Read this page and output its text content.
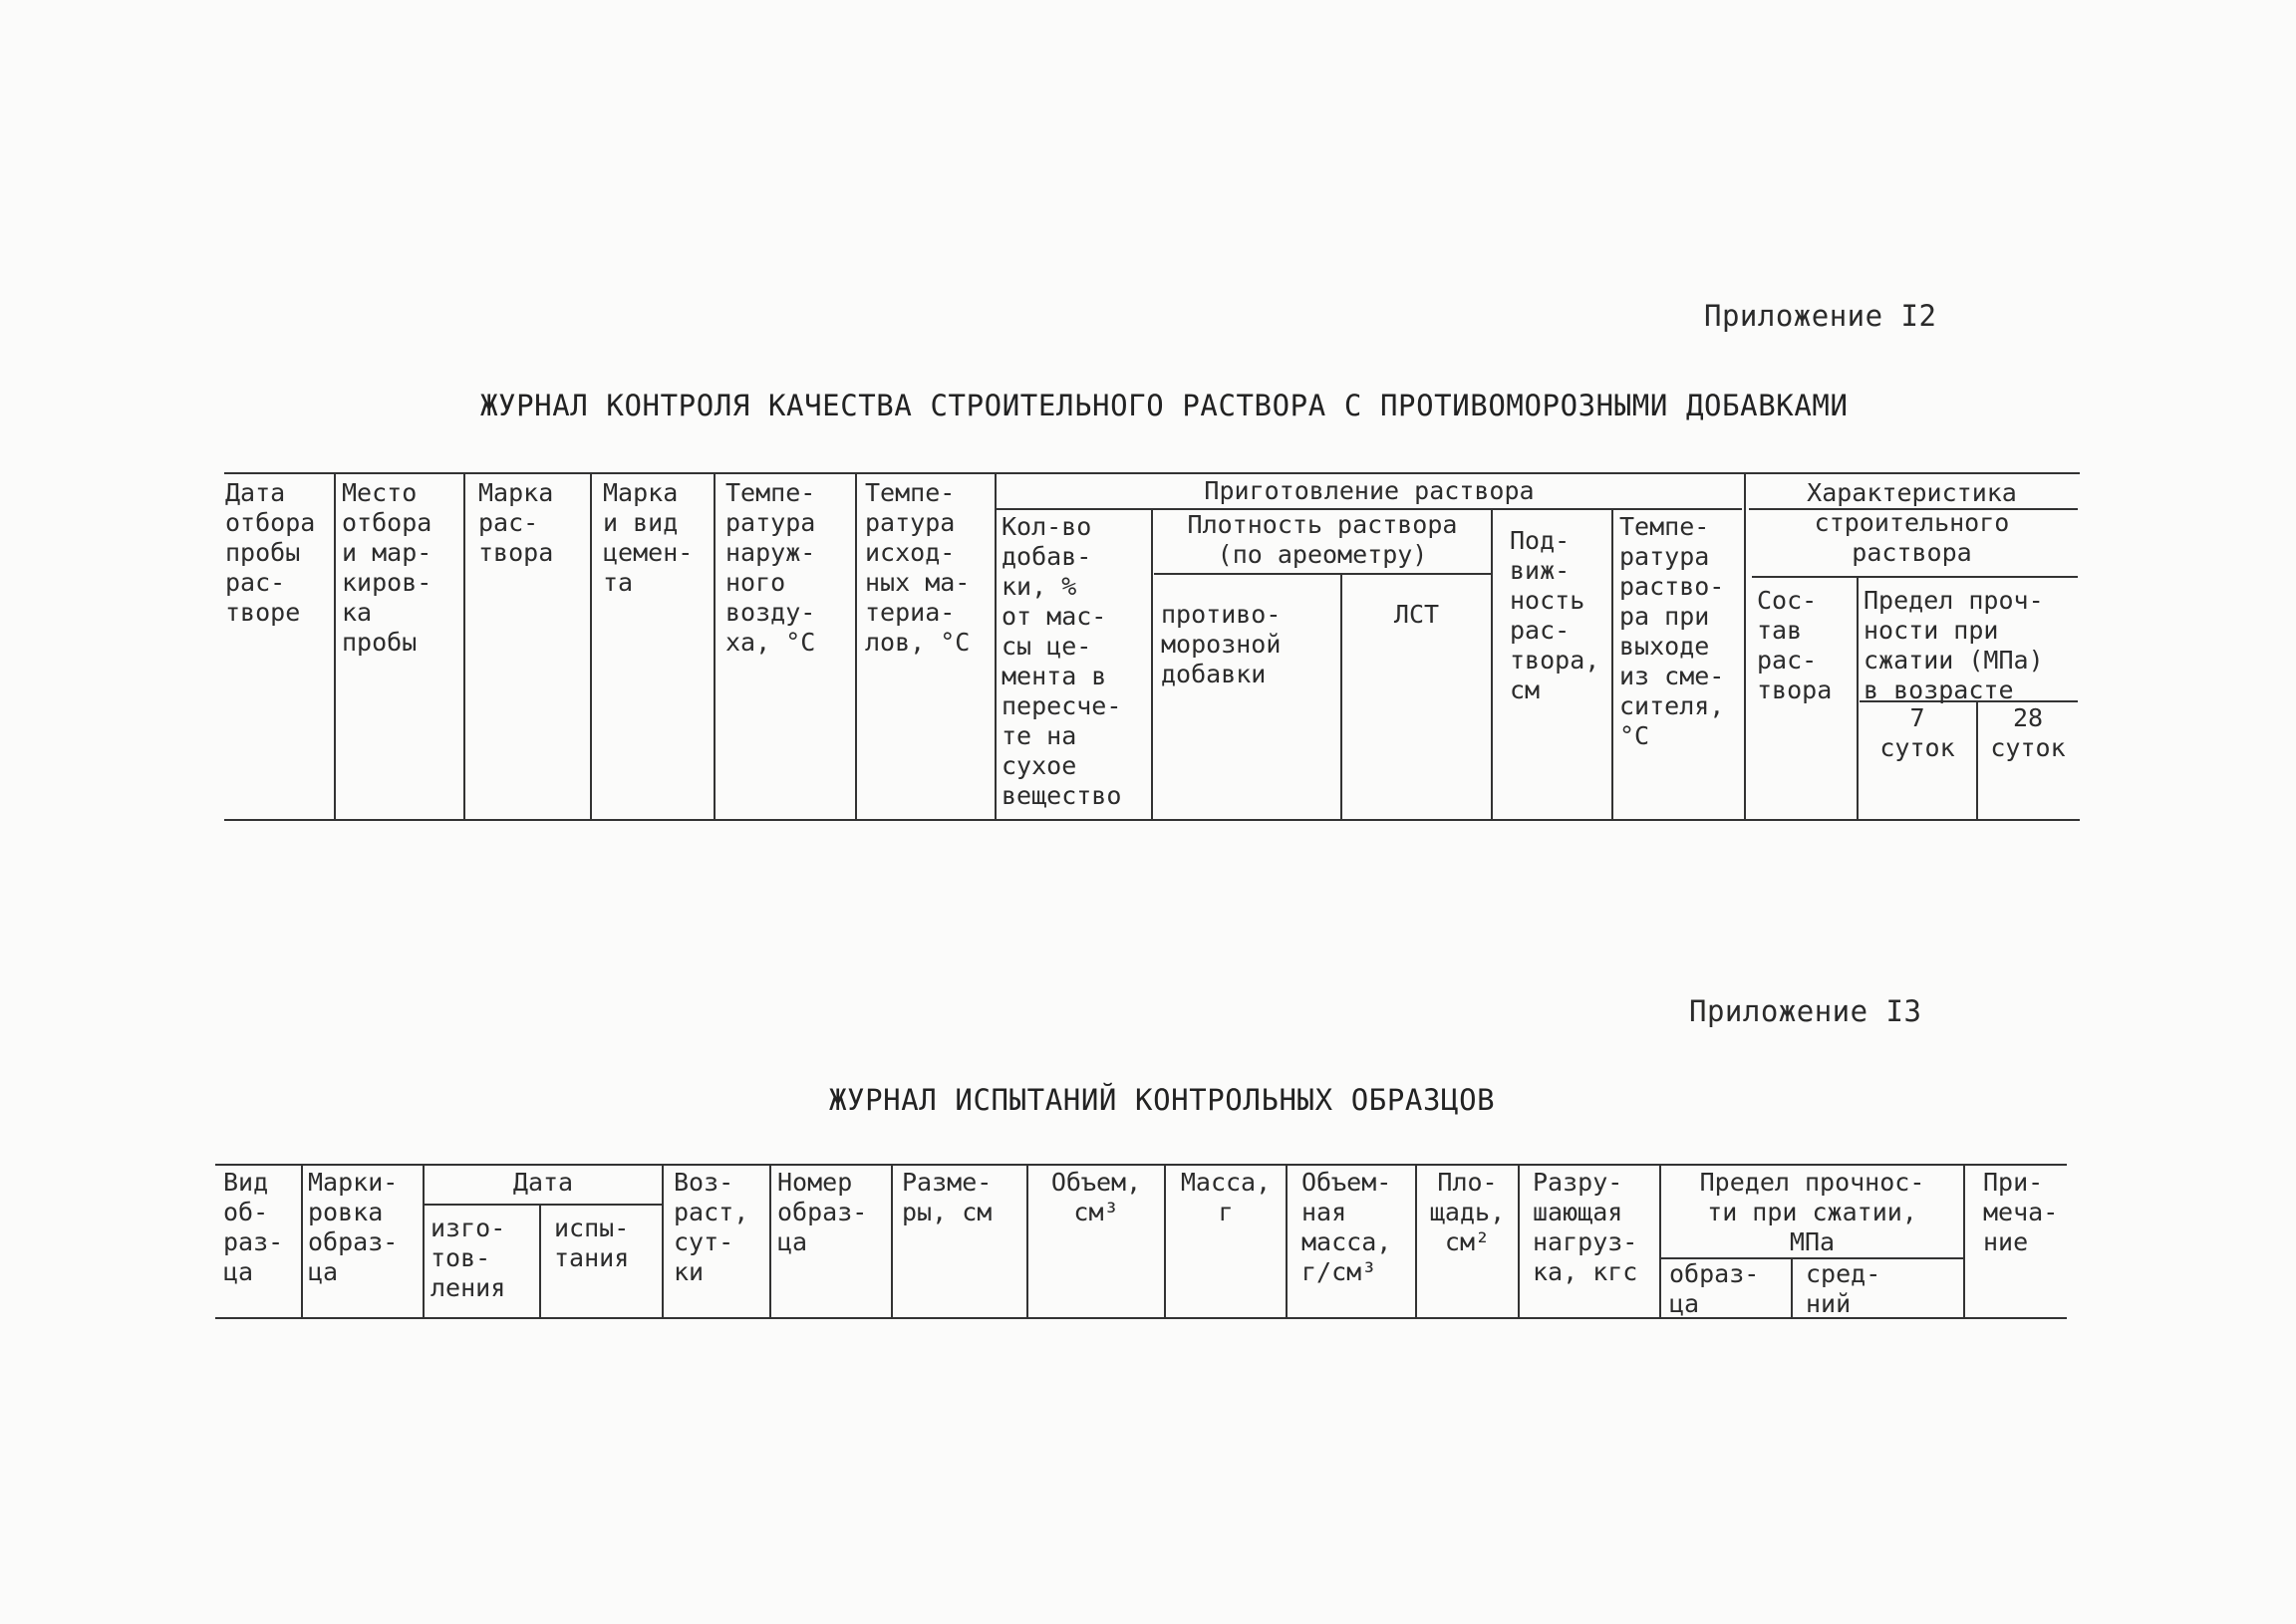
Приложение I2
ЖУРНАЛ КОНТРОЛЯ КАЧЕСТВА СТРОИТЕЛЬНОГО РАСТВОРА С ПРОТИВОМОРОЗНЫМИ ДОБАВКАМИ
Дата
отбора
пробы
рас-
творе
Место
отбора
и мар-
киров-
ка
пробы
Марка
рас-
твора
Марка
и вид
цемен-
та
Темпе-
ратура
наруж-
ного
возду-
ха, °С
Темпе-
ратура
исход-
ных ма-
териа-
лов, °С
Приготовление раствора
Кол-во
добав-
ки, %
от мас-
сы це-
мента в
пересче-
те на
сухое
вещество
Плотность раствора
(по ареометру)
противо-
морозной
добавки
ЛСТ
Под-
виж-
ность
рас-
твора,
см
Темпе-
ратура
раство-
ра при
выходе
из сме-
сителя,
°С
Характеристика
строительного
раствора
Сос-
тав
рас-
твора
Предел проч-
ности при
сжатии (МПа)
в возрасте
7
суток
28
суток
Приложение I3
ЖУРНАЛ ИСПЫТАНИЙ КОНТРОЛЬНЫХ ОБРАЗЦОВ
Вид
об-
раз-
ца
Марки-
ровка
образ-
ца
Дата
изго-
тов-
ления
испы-
тания
Воз-
раст,
сут-
ки
Номер
образ-
ца
Разме-
ры, см
Объем,
см³
Масса,
г
Объем-
ная
масса,
г/см³
Пло-
щадь,
см²
Разру-
шающая
нагруз-
ка, кгс
Предел прочнос-
ти при сжатии,
МПа
образ-
ца
сред-
ний
При-
меча-
ние
